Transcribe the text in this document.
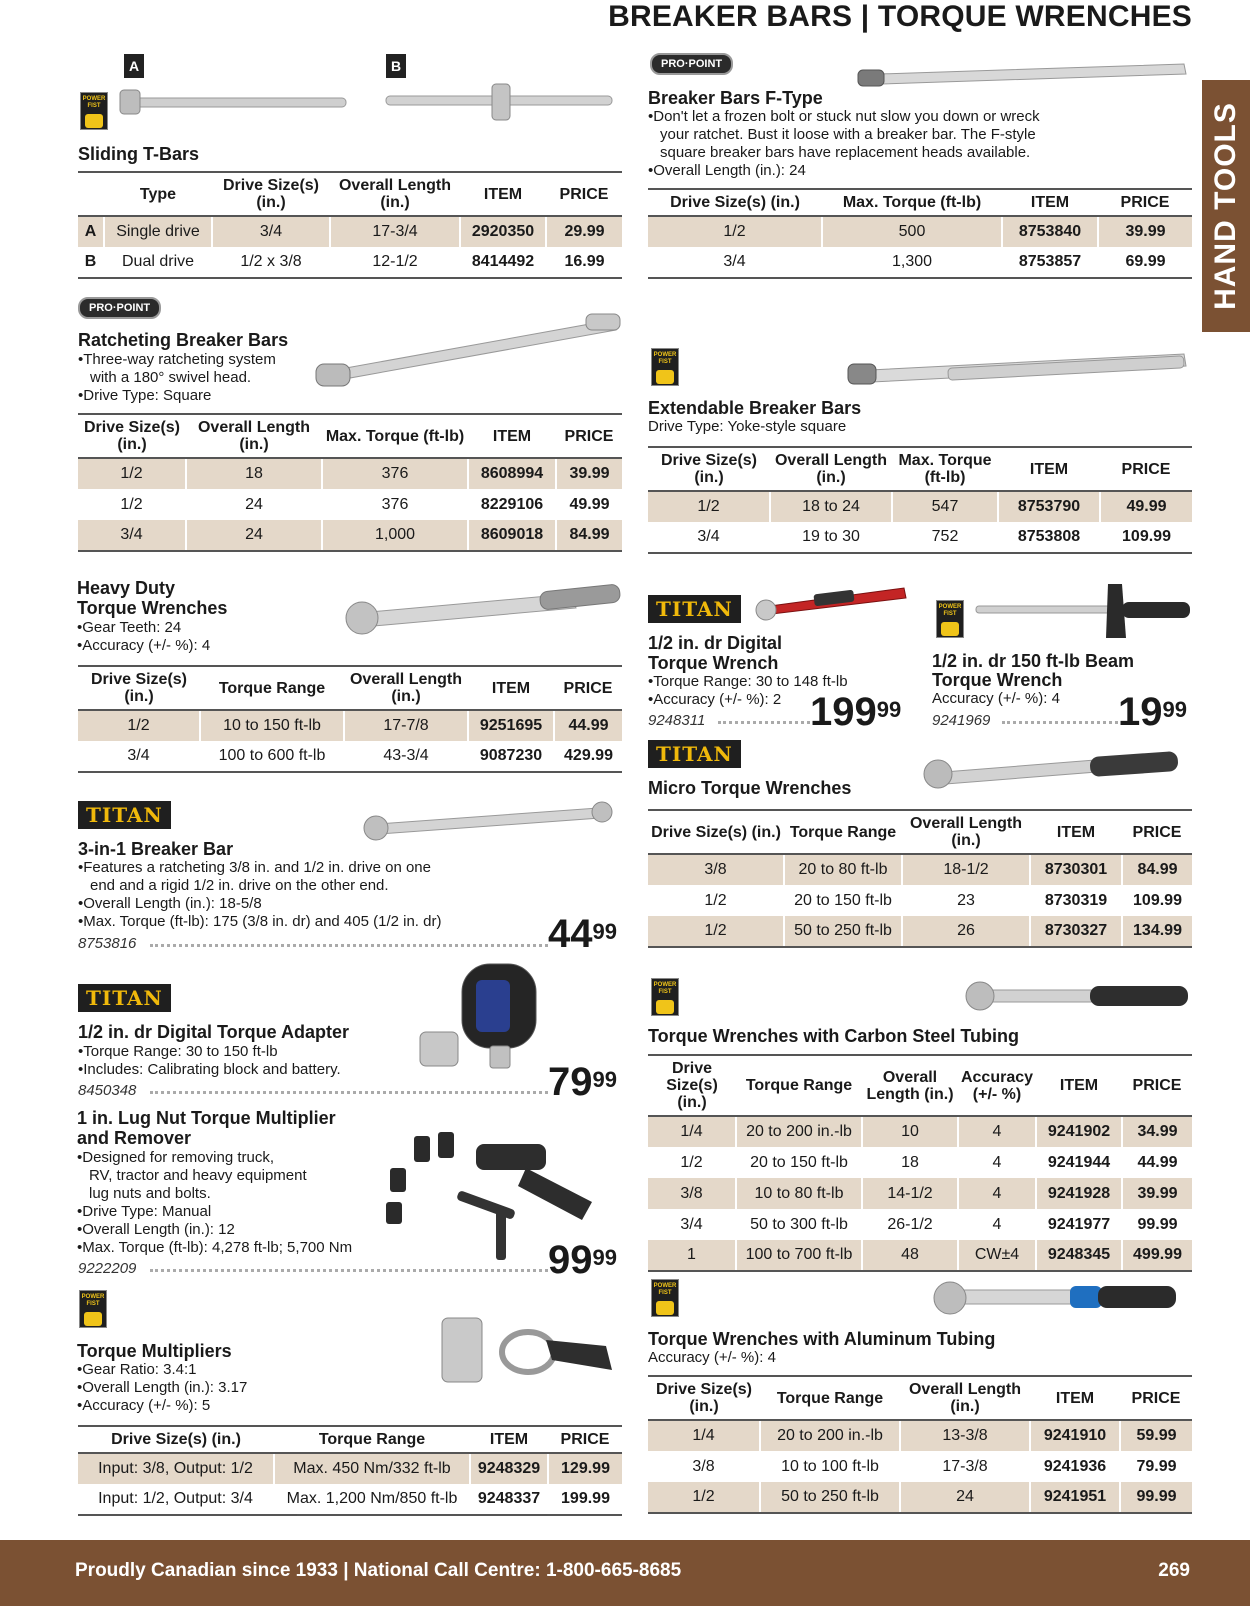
BREAKER BARS | TORQUE WRENCHES
HAND TOOLS
A	B
POWER FIST
Sliding T-Bars
	Type	Drive Size(s) (in.)	Overall Length (in.)	ITEM	PRICE
A	Single drive	3/4	17-3/4	2920350	29.99
B	Dual drive	1/2 x 3/8	12-1/2	8414492	16.99
PRO·POINT
Ratcheting Breaker Bars
•Three-way ratcheting system
with a 180° swivel head.
•Drive Type: Square
Drive Size(s) (in.)	Overall Length (in.)	Max. Torque (ft-lb)	ITEM	PRICE
1/2	18	376	8608994	39.99
1/2	24	376	8229106	49.99
3/4	24	1,000	8609018	84.99
Heavy Duty
Torque Wrenches
•Gear Teeth: 24
•Accuracy (+/- %): 4
Drive Size(s) (in.)	Torque Range	Overall Length (in.)	ITEM	PRICE
1/2	10 to 150 ft-lb	17-7/8	9251695	44.99
3/4	100 to 600 ft-lb	43-3/4	9087230	429.99
TITAN
3-in-1 Breaker Bar
•Features a ratcheting 3/8 in. and 1/2 in. drive on one
end and a rigid 1/2 in. drive on the other end.
•Overall Length (in.): 18-5/8
•Max. Torque (ft-lb): 175 (3/8 in. dr) and 405 (1/2 in. dr)
8753816	$44^{99}$
TITAN
1/2 in. dr Digital Torque Adapter
•Torque Range: 30 to 150 ft-lb
•Includes: Calibrating block and battery.
8450348	$79^{99}$
1 in. Lug Nut Torque Multiplier
and Remover
•Designed for removing truck,
RV, tractor and heavy equipment
lug nuts and bolts.
•Drive Type: Manual
•Overall Length (in.): 12
•Max. Torque (ft-lb): 4,278 ft-lb; 5,700 Nm
9222209	$99^{99}$
POWER FIST
Torque Multipliers
•Gear Ratio: 3.4:1
•Overall Length (in.): 3.17
•Accuracy (+/- %): 5
Drive Size(s) (in.)	Torque Range	ITEM	PRICE
Input: 3/8, Output: 1/2	Max. 450 Nm/332 ft-lb	9248329	129.99
Input: 1/2, Output: 3/4	Max. 1,200 Nm/850 ft-lb	9248337	199.99
PRO·POINT
Breaker Bars F-Type
•Don't let a frozen bolt or stuck nut slow you down or wreck
your ratchet. Bust it loose with a breaker bar. The F-style
square breaker bars have replacement heads available.
•Overall Length (in.): 24
Drive Size(s) (in.)	Max. Torque (ft-lb)	ITEM	PRICE
1/2	500	8753840	39.99
3/4	1,300	8753857	69.99
POWER FIST
Extendable Breaker Bars
Drive Type: Yoke-style square
Drive Size(s) (in.)	Overall Length (in.)	Max. Torque (ft-lb)	ITEM	PRICE
1/2	18 to 24	547	8753790	49.99
3/4	19 to 30	752	8753808	109.99
TITAN
1/2 in. dr Digital
Torque Wrench
•Torque Range: 30 to 148 ft-lb
•Accuracy (+/- %): 2
9248311	$199^{99}$
POWER FIST
1/2 in. dr 150 ft-lb Beam
Torque Wrench
Accuracy (+/- %): 4
9241969	$19^{99}$
TITAN
Micro Torque Wrenches
Drive Size(s) (in.)	Torque Range	Overall Length (in.)	ITEM	PRICE
3/8	20 to 80 ft-lb	18-1/2	8730301	84.99
1/2	20 to 150 ft-lb	23	8730319	109.99
1/2	50 to 250 ft-lb	26	8730327	134.99
POWER FIST
Torque Wrenches with Carbon Steel Tubing
Drive Size(s) (in.)	Torque Range	Overall Length (in.)	Accuracy (+/- %)	ITEM	PRICE
1/4	20 to 200 in.-lb	10	4	9241902	34.99
1/2	20 to 150 ft-lb	18	4	9241944	44.99
3/8	10 to 80 ft-lb	14-1/2	4	9241928	39.99
3/4	50 to 300 ft-lb	26-1/2	4	9241977	99.99
1	100 to 700 ft-lb	48	CW±4	9248345	499.99
POWER FIST
Torque Wrenches with Aluminum Tubing
Accuracy (+/- %): 4
Drive Size(s) (in.)	Torque Range	Overall Length (in.)	ITEM	PRICE
1/4	20 to 200 in.-lb	13-3/8	9241910	59.99
3/8	10 to 100 ft-lb	17-3/8	9241936	79.99
1/2	50 to 250 ft-lb	24	9241951	99.99
Proudly Canadian since 1933 | National Call Centre: 1-800-665-8685	269
